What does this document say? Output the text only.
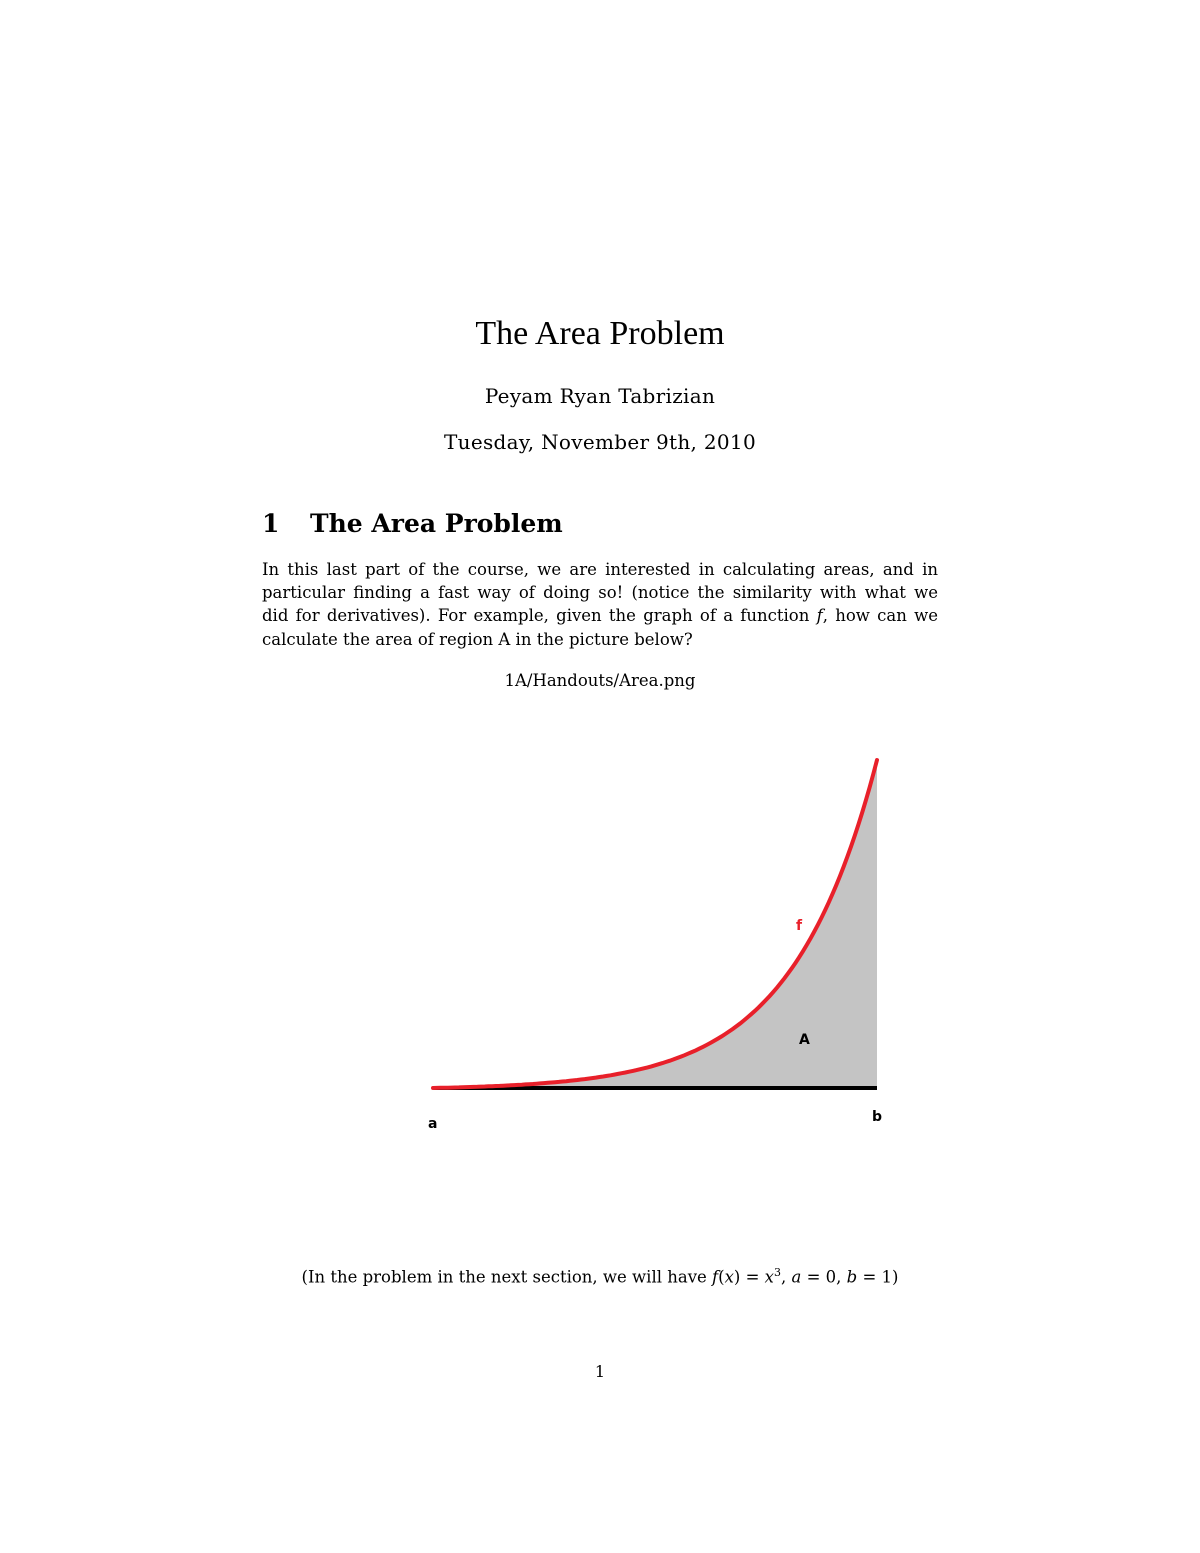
The Area Problem
Peyam Ryan Tabrizian
Tuesday, November 9th, 2010
1 The Area Problem
In this last part of the course, we are interested in calculating areas, and in
particular finding a fast way of doing so! (notice the similarity with what we
did for derivatives). For example, given the graph of a function f, how can we
calculate the area of region A in the picture below?
1A/Handouts/Area.png
f
A
a	b
(In the problem in the next section, we will have $f(x) = x^3$, a = 0, b = 1)
1
